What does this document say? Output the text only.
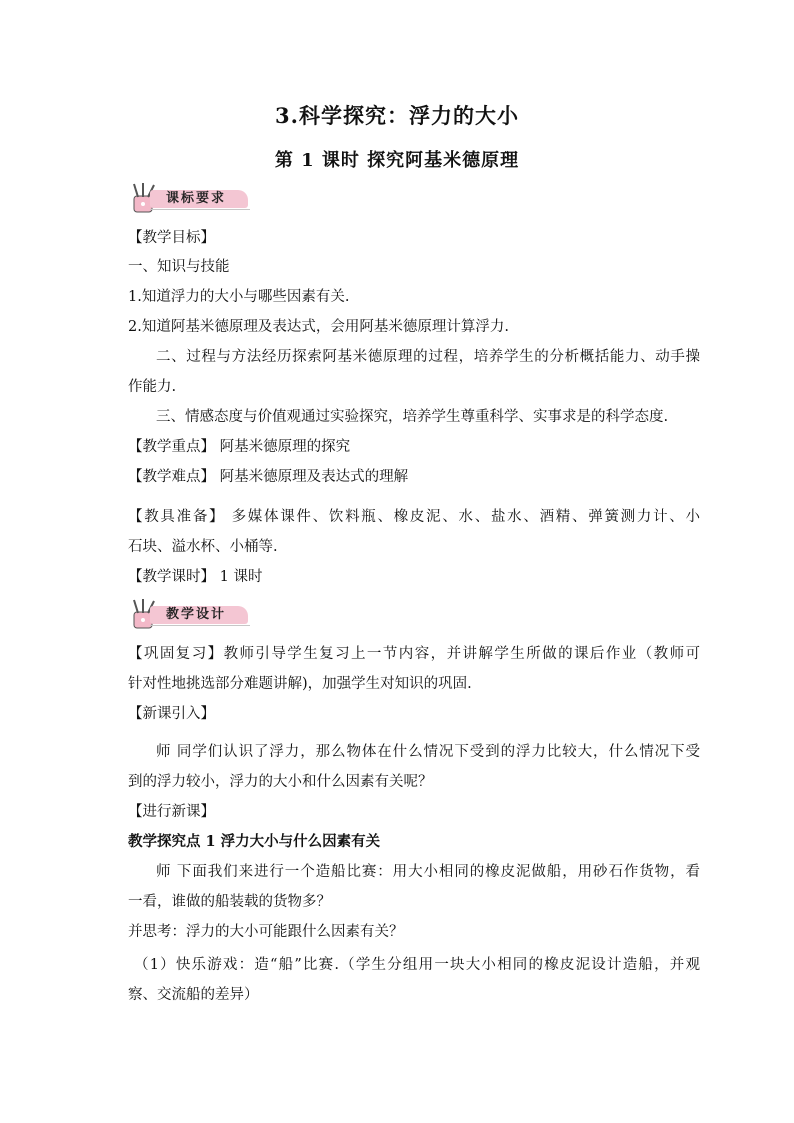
3.科学探究：浮力的大小
第 1 课时 探究阿基米德原理
课标要求
【教学目标】
一、知识与技能
1.知道浮力的大小与哪些因素有关.
2.知道阿基米德原理及表达式，会用阿基米德原理计算浮力.
二、过程与方法经历探索阿基米德原理的过程，培养学生的分析概括能力、动手操
作能力.
三、情感态度与价值观通过实验探究，培养学生尊重科学、实事求是的科学态度.
【教学重点】 阿基米德原理的探究
【教学难点】 阿基米德原理及表达式的理解
【教具准备】 多媒体课件、饮料瓶、橡皮泥、水、盐水、酒精、弹簧测力计、小
石块、溢水杯、小桶等.
【教学课时】 1 课时
教学设计
【巩固复习】教师引导学生复习上一节内容，并讲解学生所做的课后作业（教师可
针对性地挑选部分难题讲解)，加强学生对知识的巩固.
【新课引入】
师 同学们认识了浮力，那么物体在什么情况下受到的浮力比较大，什么情况下受
到的浮力较小，浮力的大小和什么因素有关呢？
【进行新课】
教学探究点 1 浮力大小与什么因素有关
师 下面我们来进行一个造船比赛：用大小相同的橡皮泥做船，用砂石作货物，看
一看，谁做的船装载的货物多？
并思考：浮力的大小可能跟什么因素有关？
（1）快乐游戏：造“船”比赛.（学生分组用一块大小相同的橡皮泥设计造船，并观
察、交流船的差异）
